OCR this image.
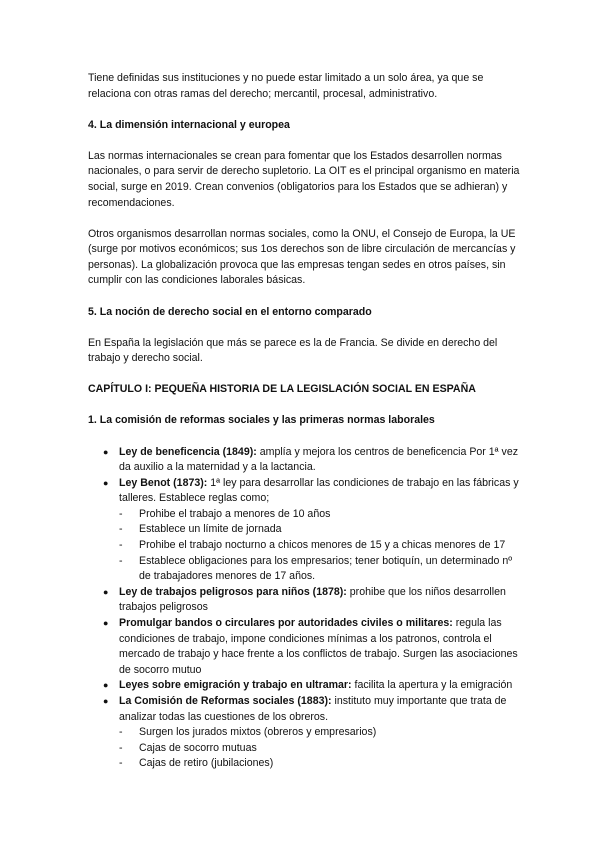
Tiene definidas sus instituciones y no puede estar limitado a un solo área, ya que se relaciona con otras ramas del derecho; mercantil, procesal, administrativo.

4. La dimensión internacional y europea

Las normas internacionales se crean para fomentar que los Estados desarrollen normas nacionales, o para servir de derecho supletorio. La OIT es el principal organismo en materia social, surge en 2019. Crean convenios (obligatorios para los Estados que se adhieran) y recomendaciones.

Otros organismos desarrollan normas sociales, como la ONU, el Consejo de Europa, la UE (surge por motivos económicos; sus 1os derechos son de libre circulación de mercancías y personas). La globalización provoca que las empresas tengan sedes en otros países, sin cumplir con las condiciones laborales básicas.

5. La noción de derecho social en el entorno comparado

En España la legislación que más se parece es la de Francia. Se divide en derecho del trabajo y derecho social.

CAPÍTULO I: PEQUEÑA HISTORIA DE LA LEGISLACIÓN SOCIAL EN ESPAÑA

1. La comisión de reformas sociales y las primeras normas laborales

● Ley de beneficencia (1849): amplía y mejora los centros de beneficencia Por 1ª vez da auxilio a la maternidad y a la lactancia.
● Ley Benot (1873): 1ª ley para desarrollar las condiciones de trabajo en las fábricas y talleres. Establece reglas como;
- Prohibe el trabajo a menores de 10 años
- Establece un límite de jornada
- Prohibe el trabajo nocturno a chicos menores de 15 y a chicas menores de 17
- Establece obligaciones para los empresarios; tener botiquín, un determinado nº de trabajadores menores de 17 años.
● Ley de trabajos peligrosos para niños (1878): prohibe que los niños desarrollen trabajos peligrosos
● Promulgar bandos o circulares por autoridades civiles o militares: regula las condiciones de trabajo, impone condiciones mínimas a los patronos, controla el mercado de trabajo y hace frente a los conflictos de trabajo. Surgen las asociaciones de socorro mutuo
● Leyes sobre emigración y trabajo en ultramar: facilita la apertura y la emigración
● La Comisión de Reformas sociales (1883): instituto muy importante que trata de analizar todas las cuestiones de los obreros.
- Surgen los jurados mixtos (obreros y empresarios)
- Cajas de socorro mutuas
- Cajas de retiro (jubilaciones)
